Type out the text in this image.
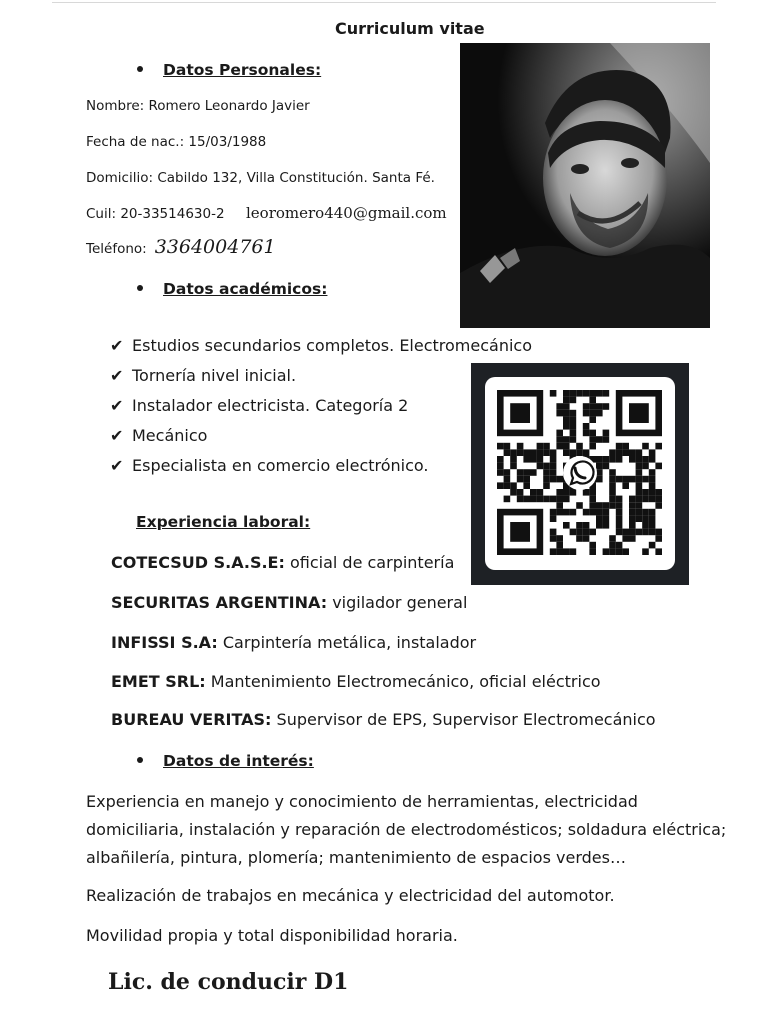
Curriculum vitae
Datos Personales:
Nombre: Romero Leonardo Javier
Fecha de nac.: 15/03/1988
Domicilio: Cabildo 132, Villa Constitución. Santa Fé.
Cuil: 20-33514630-2 leoromero440@gmail.com
Teléfono: 3364004761
Datos académicos:
✔ Estudios secundarios completos. Electromecánico
✔ Tornería nivel inicial.
✔ Instalador electricista. Categoría 2
✔ Mecánico
✔ Especialista en comercio electrónico.
Experiencia laboral:
COTECSUD S.A.S.E: oficial de carpintería
SECURITAS ARGENTINA: vigilador general
INFISSI S.A: Carpintería metálica, instalador
EMET SRL: Mantenimiento Electromecánico, oficial eléctrico
BUREAU VERITAS: Supervisor de EPS, Supervisor Electromecánico
Datos de interés:
Experiencia en manejo y conocimiento de herramientas, electricidad domiciliaria, instalación y reparación de electrodomésticos; soldadura eléctrica; albañilería, pintura, plomería; mantenimiento de espacios verdes…
Realización de trabajos en mecánica y electricidad del automotor.
Movilidad propia y total disponibilidad horaria.
Lic. de conducir D1
